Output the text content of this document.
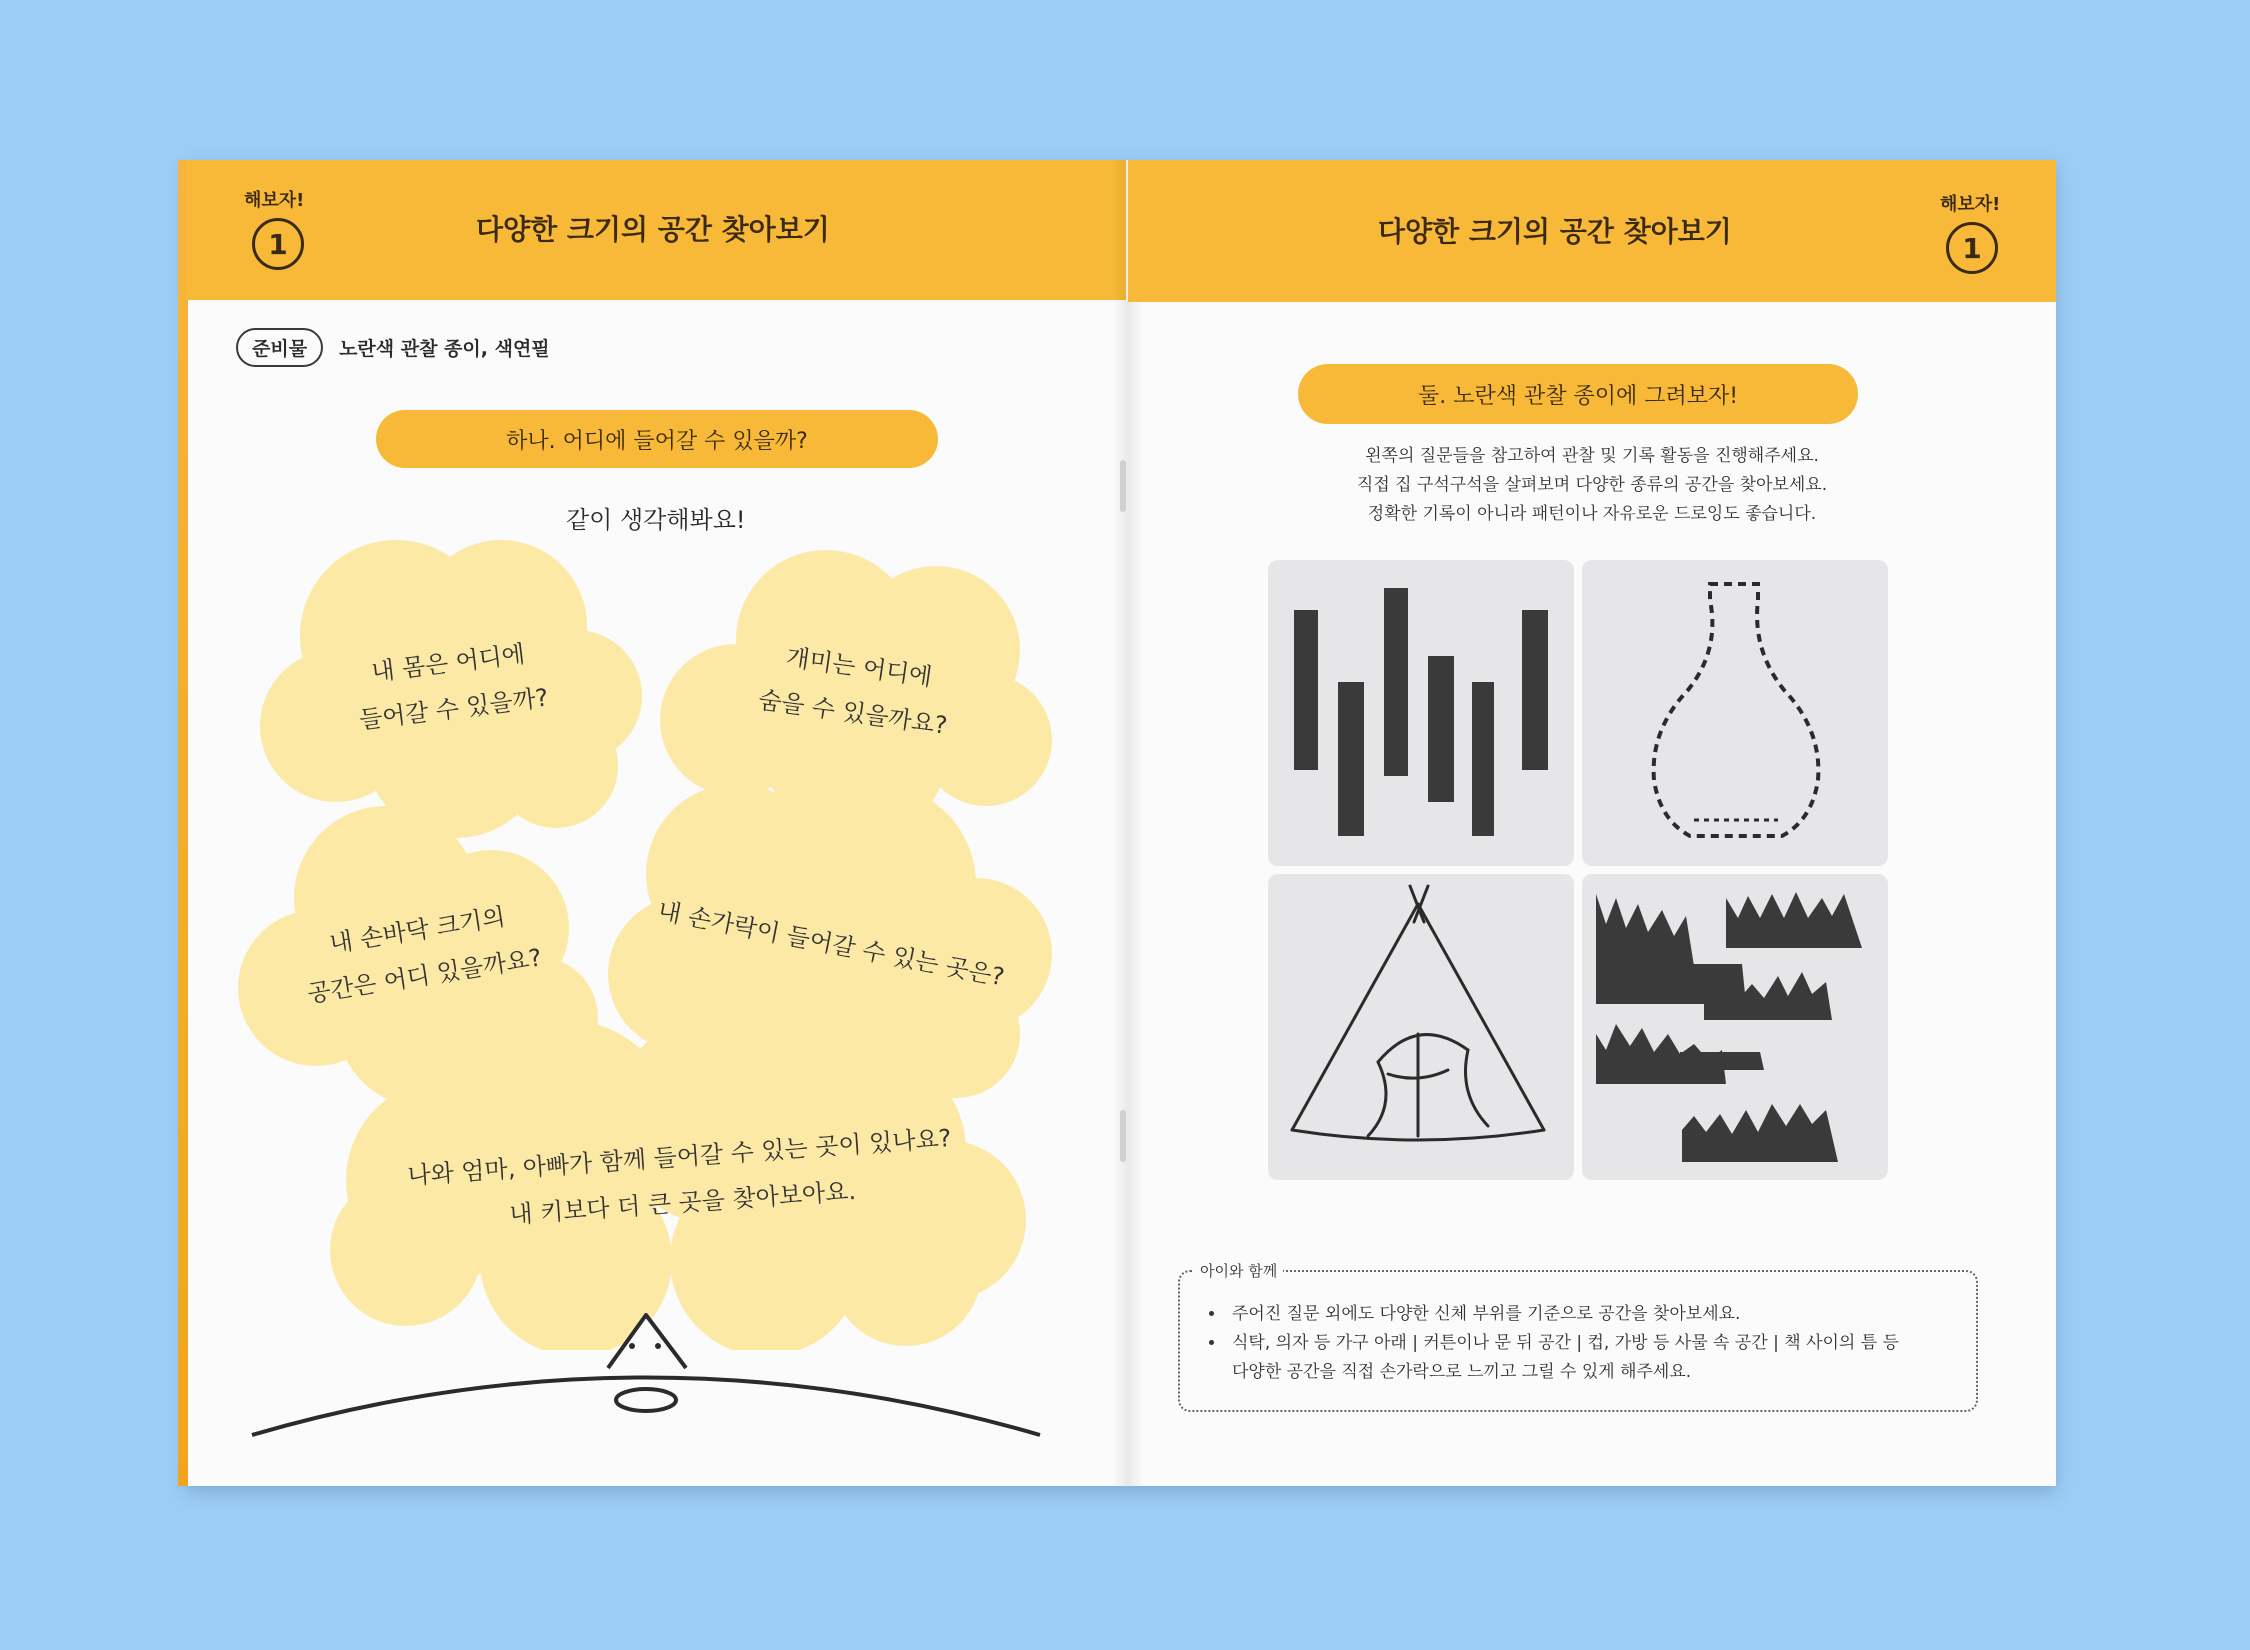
해보자!
1	다양한 크기의 공간 찾아보기
준비물	노란색 관찰 종이, 색연필
하나. 어디에 들어갈 수 있을까?
같이 생각해봐요!
내 몸은 어디에
들어갈 수 있을까?
개미는 어디에
숨을 수 있을까요?
내 손바닥 크기의
공간은 어디 있을까요?	내 손가락이 들어갈 수 있는 곳은?
나와 엄마, 아빠가 함께 들어갈 수 있는 곳이 있나요?
내 키보다 더 큰 곳을 찾아보아요.
다양한 크기의 공간 찾아보기
해보자!
1
둘. 노란색 관찰 종이에 그려보자!
왼쪽의 질문들을 참고하여 관찰 및 기록 활동을 진행해주세요.
직접 집 구석구석을 살펴보며 다양한 종류의 공간을 찾아보세요.
정확한 기록이 아니라 패턴이나 자유로운 드로잉도 좋습니다.
아이와 함께
• 주어진 질문 외에도 다양한 신체 부위를 기준으로 공간을 찾아보세요.
• 식탁, 의자 등 가구 아래 | 커튼이나 문 뒤 공간 | 컵, 가방 등 사물 속 공간 | 책 사이의 틈 등
다양한 공간을 직접 손가락으로 느끼고 그릴 수 있게 해주세요.
